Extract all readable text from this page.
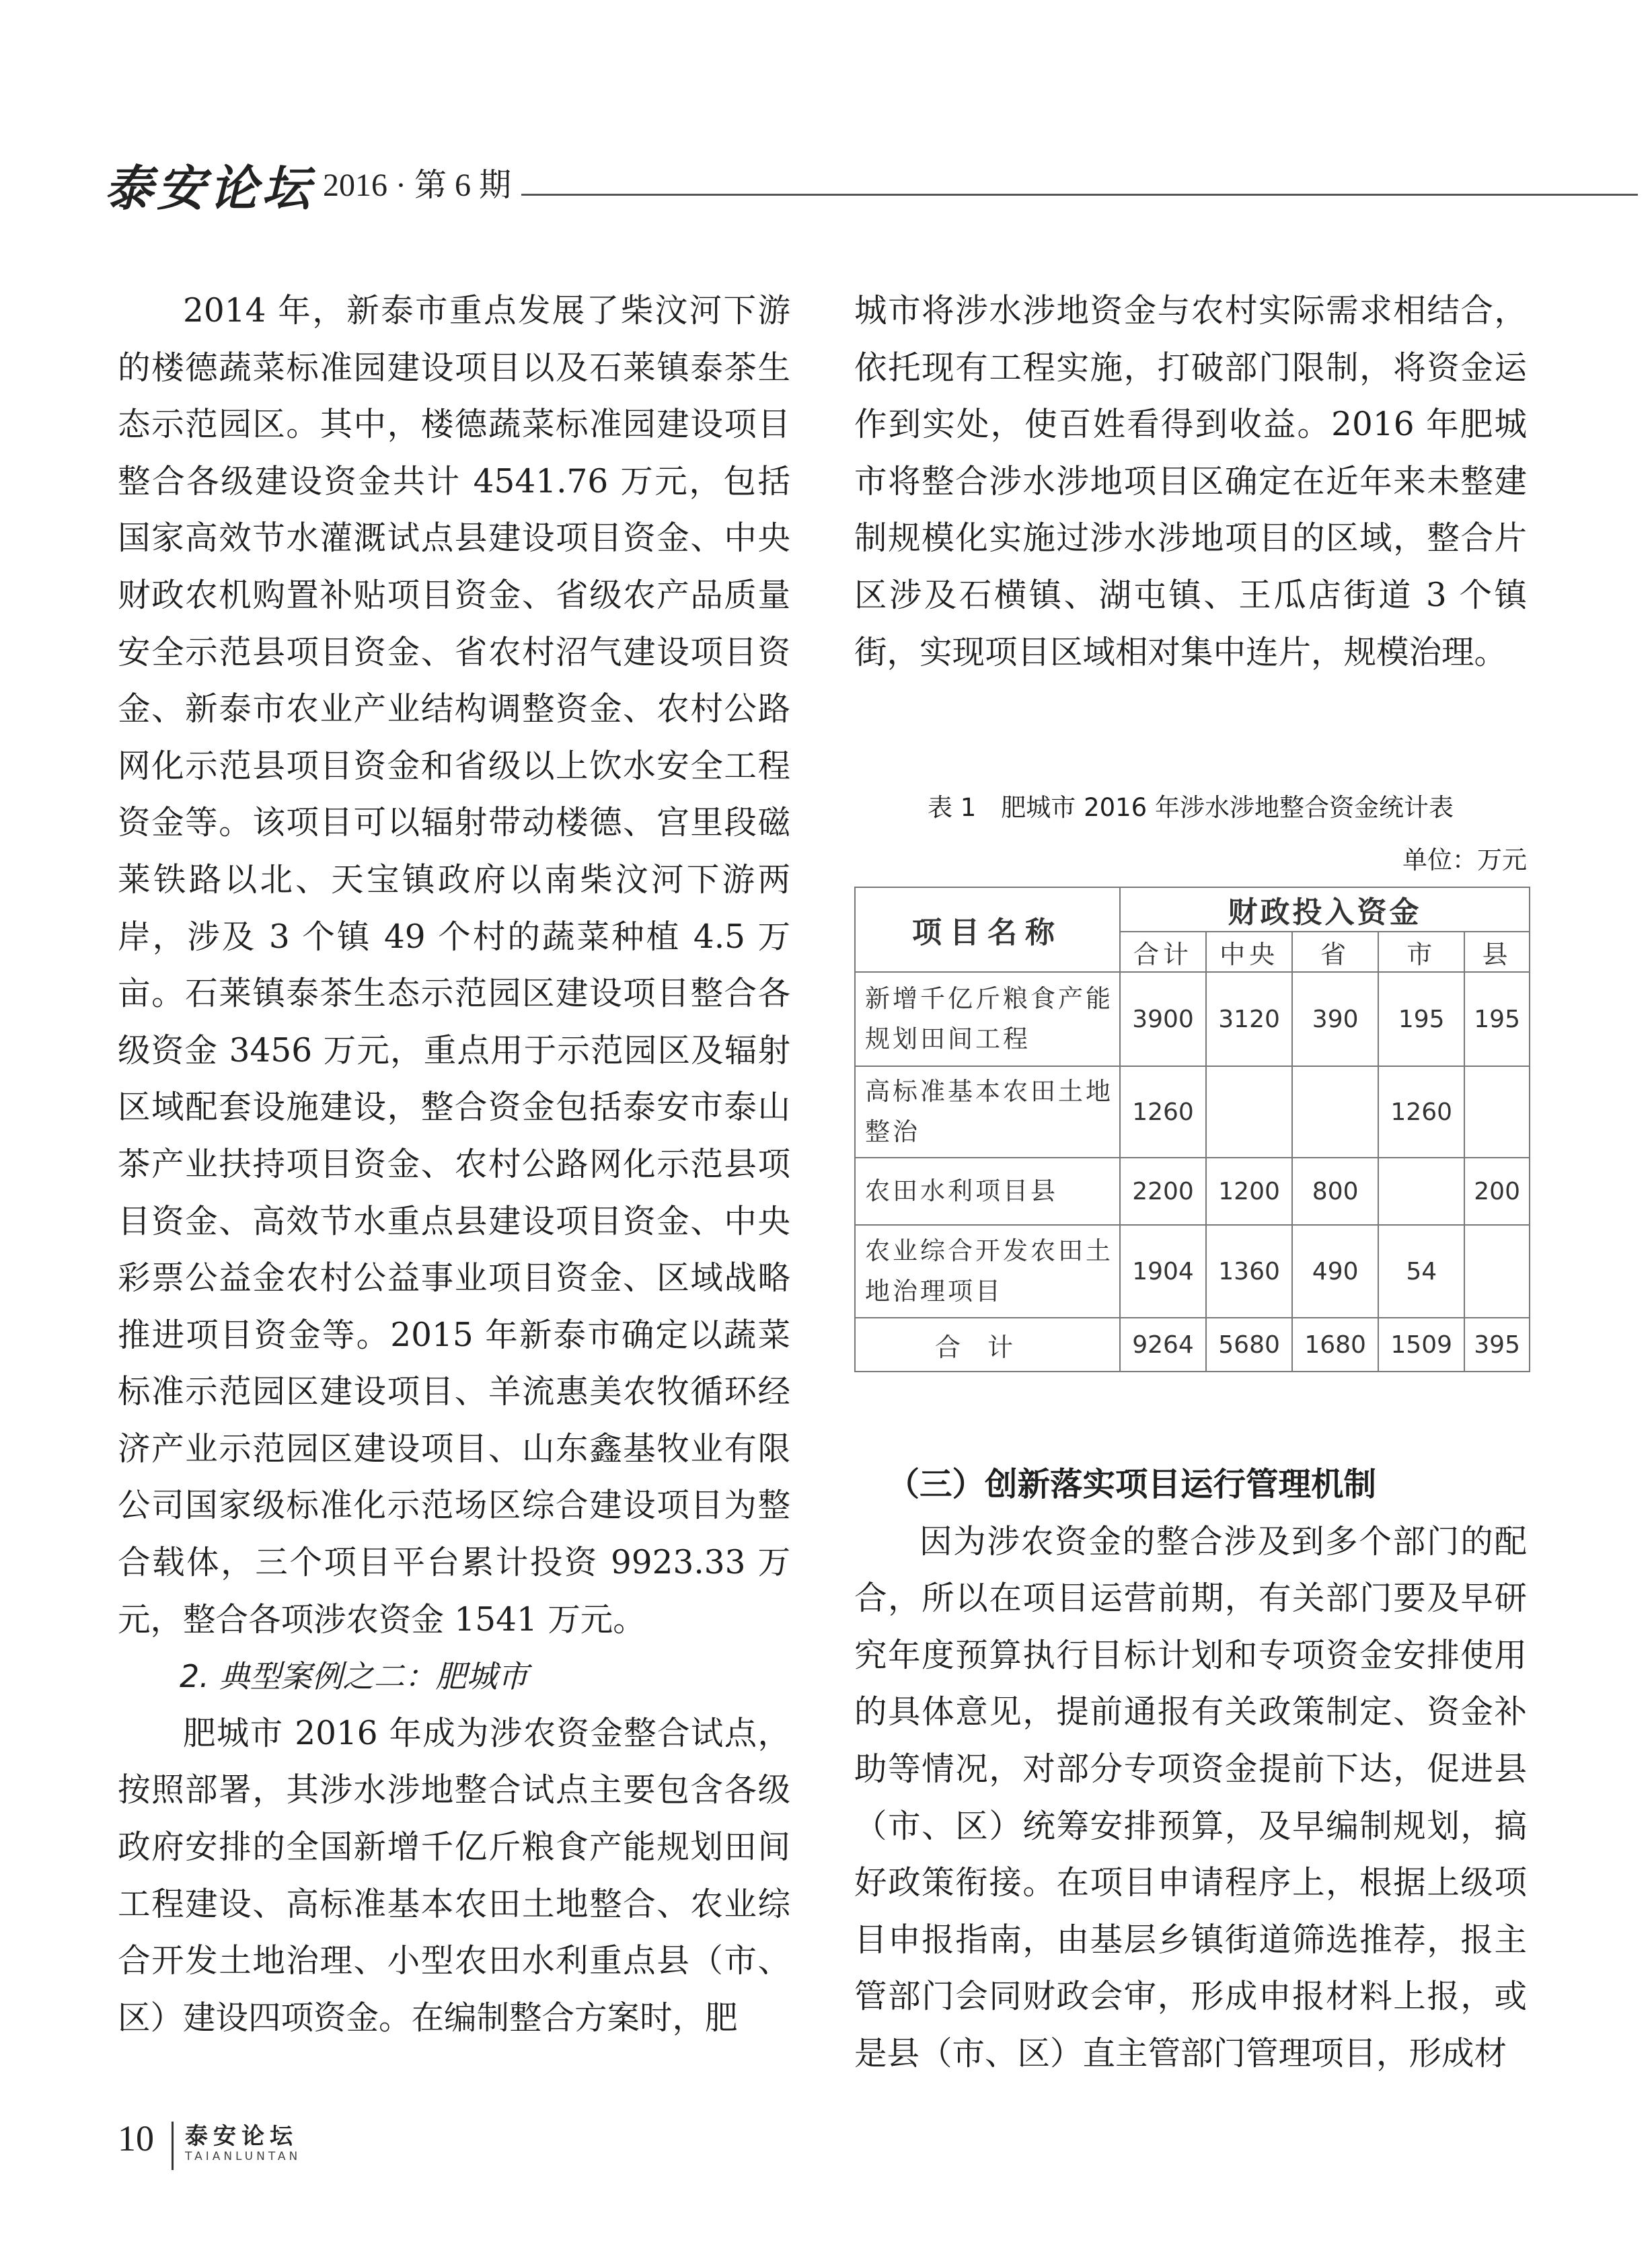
泰安论坛 2016 · 第 6 期

2014 年，新泰市重点发展了柴汶河下游的楼德蔬菜标准园建设项目以及石莱镇泰茶生态示范园区。其中，楼德蔬菜标准园建设项目整合各级建设资金共计 4541.76 万元，包括国家高效节水灌溉试点县建设项目资金、中央财政农机购置补贴项目资金、省级农产品质量安全示范县项目资金、省农村沼气建设项目资金、新泰市农业产业结构调整资金、农村公路网化示范县项目资金和省级以上饮水安全工程资金等。该项目可以辐射带动楼德、宫里段磁莱铁路以北、天宝镇政府以南柴汶河下游两岸，涉及 3 个镇 49 个村的蔬菜种植 4.5 万亩。石莱镇泰茶生态示范园区建设项目整合各级资金 3456 万元，重点用于示范园区及辐射区域配套设施建设，整合资金包括泰安市泰山茶产业扶持项目资金、农村公路网化示范县项目资金、高效节水重点县建设项目资金、中央彩票公益金农村公益事业项目资金、区域战略推进项目资金等。2015 年新泰市确定以蔬菜标准示范园区建设项目、羊流惠美农牧循环经济产业示范园区建设项目、山东鑫基牧业有限公司国家级标准化示范场区综合建设项目为整合载体，三个项目平台累计投资 9923.33 万元，整合各项涉农资金 1541 万元。

2. 典型案例之二：肥城市

肥城市 2016 年成为涉农资金整合试点，按照部署，其涉水涉地整合试点主要包含各级政府安排的全国新增千亿斤粮食产能规划田间工程建设、高标准基本农田土地整合、农业综合开发土地治理、小型农田水利重点县（市、区）建设四项资金。在编制整合方案时，肥

城市将涉水涉地资金与农村实际需求相结合，依托现有工程实施，打破部门限制，将资金运作到实处，使百姓看得到收益。2016 年肥城市将整合涉水涉地项目区确定在近年来未整建制规模化实施过涉水涉地项目的区域，整合片区涉及石横镇、湖屯镇、王瓜店街道 3 个镇街，实现项目区域相对集中连片，规模治理。

表 1　肥城市 2016 年涉水涉地整合资金统计表
单位：万元
项目名称	财政投入资金				
	合计	中央	省	市	县
新增千亿斤粮食产能规划田间工程	3900	3120	390	195	195
高标准基本农田土地整治	1260			1260	
农田水利项目县	2200	1200	800		200
农业综合开发农田土地治理项目	1904	1360	490	54	
合计	9264	5680	1680	1509	395

（三）创新落实项目运行管理机制

因为涉农资金的整合涉及到多个部门的配合，所以在项目运营前期，有关部门要及早研究年度预算执行目标计划和专项资金安排使用的具体意见，提前通报有关政策制定、资金补助等情况，对部分专项资金提前下达，促进县（市、区）统筹安排预算，及早编制规划，搞好政策衔接。在项目申请程序上，根据上级项目申报指南，由基层乡镇街道筛选推荐，报主管部门会同财政会审，形成申报材料上报，或是县（市、区）直主管部门管理项目，形成材

10 泰安论坛
TAIANLUNTAN
